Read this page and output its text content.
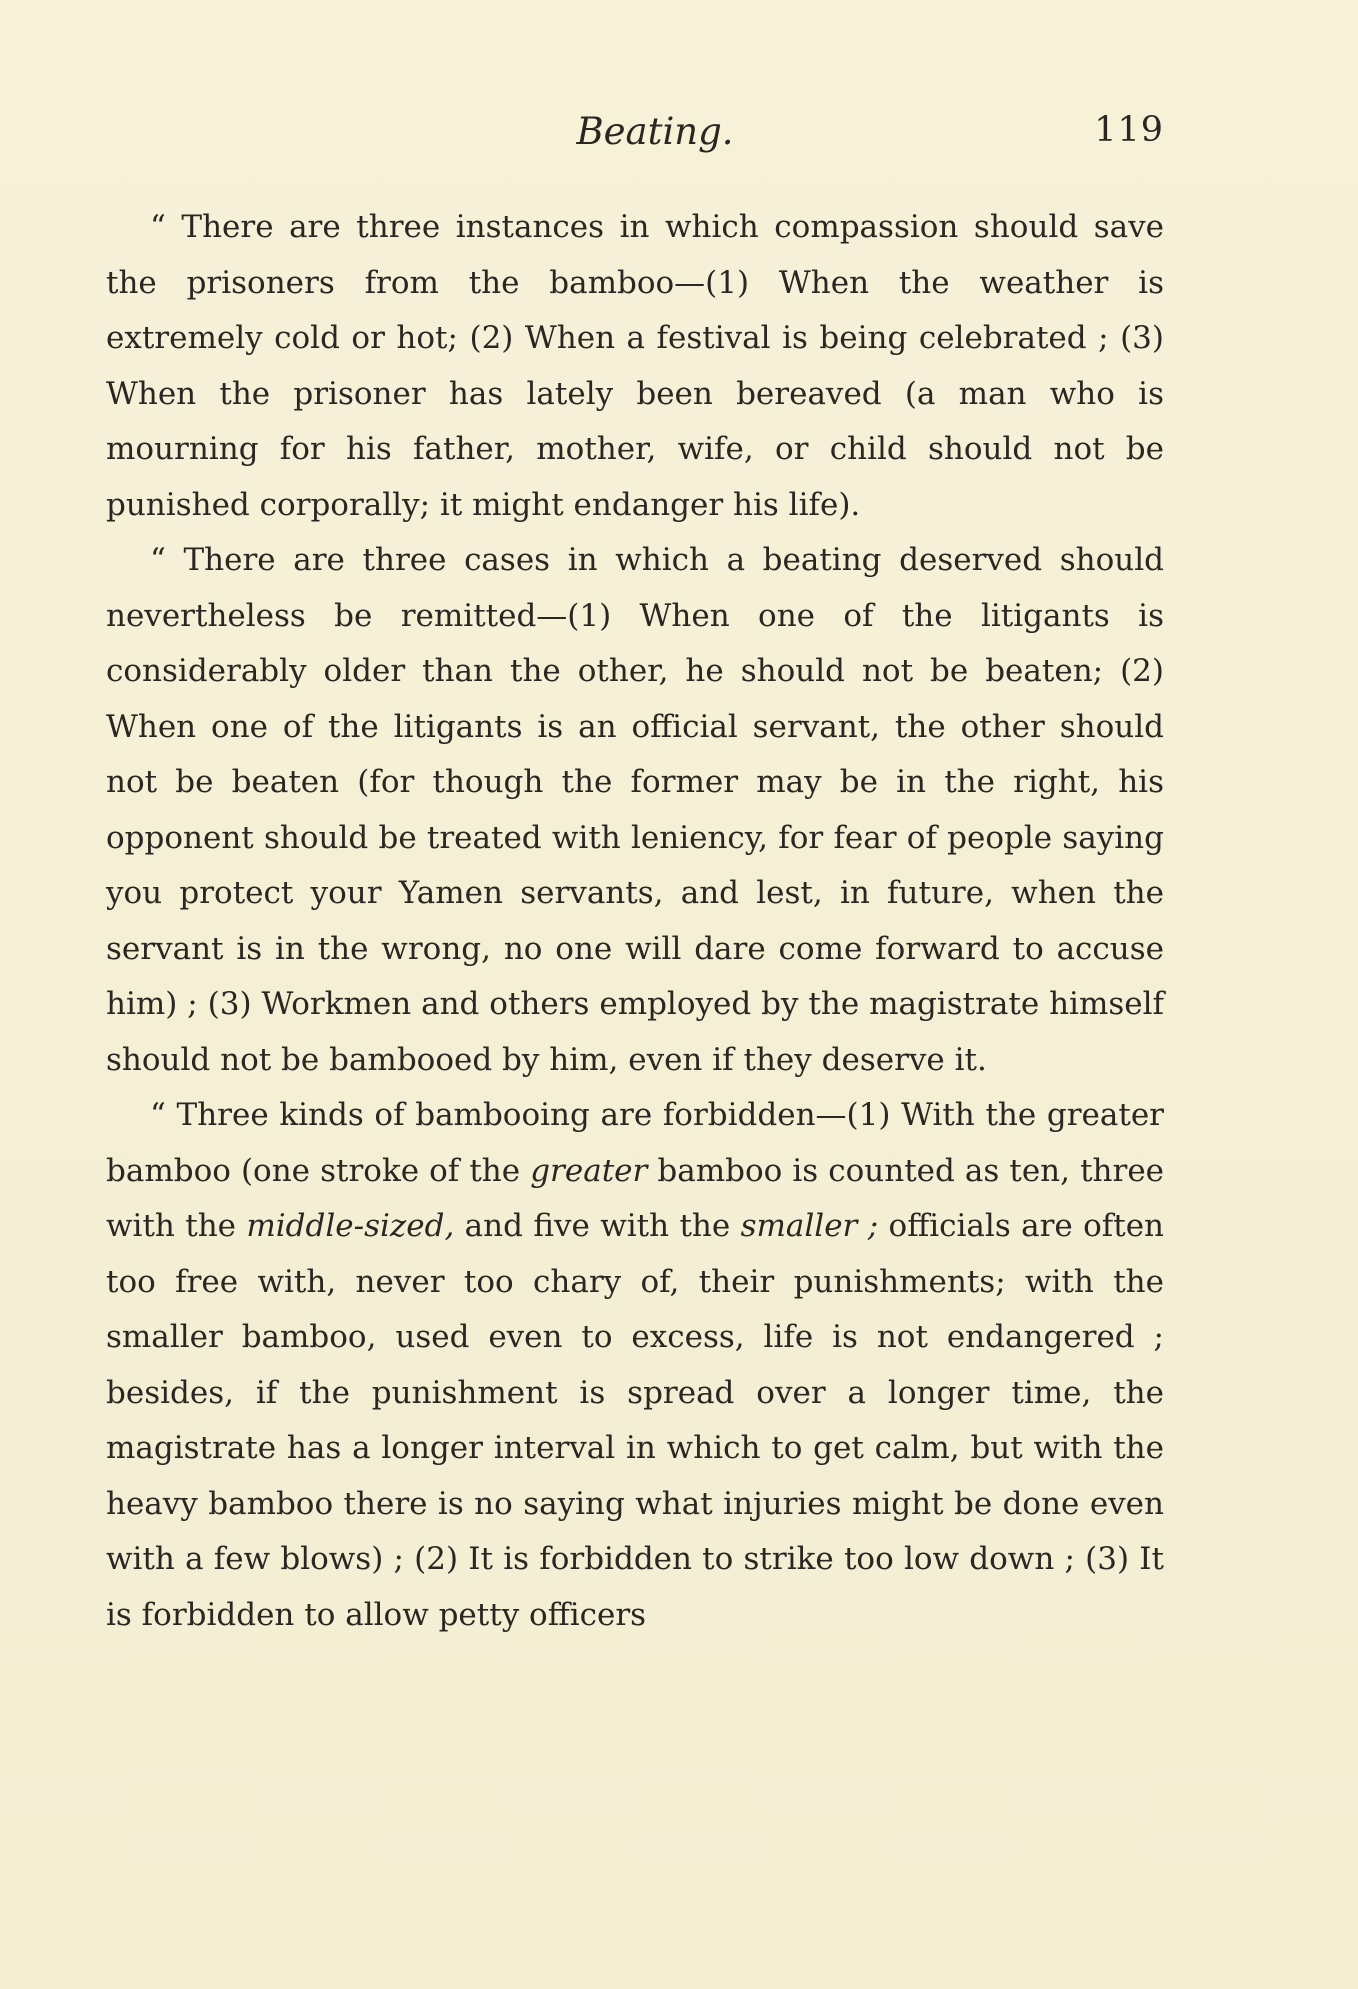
Beating.	119

“ There are three instances in which compassion should save the prisoners from the bamboo—(1) When the weather is extremely cold or hot; (2) When a festival is being celebrated ; (3) When the prisoner has lately been bereaved (a man who is mourning for his father, mother, wife, or child should not be punished corporally; it might endanger his life).

“ There are three cases in which a beating deserved should nevertheless be remitted—(1) When one of the litigants is considerably older than the other, he should not be beaten; (2) When one of the litigants is an official servant, the other should not be beaten (for though the former may be in the right, his opponent should be treated with leniency, for fear of people saying you protect your Yamen servants, and lest, in future, when the servant is in the wrong, no one will dare come forward to accuse him) ; (3) Workmen and others employed by the magistrate himself should not be bambooed by him, even if they deserve it.

“ Three kinds of bambooing are forbidden—(1) With the greater bamboo (one stroke of the greater bamboo is counted as ten, three with the middle-sized, and five with the smaller ; officials are often too free with, never too chary of, their punishments; with the smaller bamboo, used even to excess, life is not endangered ; besides, if the punishment is spread over a longer time, the magistrate has a longer interval in which to get calm, but with the heavy bamboo there is no saying what injuries might be done even with a few blows) ; (2) It is forbidden to strike too low down ; (3) It is forbidden to allow petty officers
